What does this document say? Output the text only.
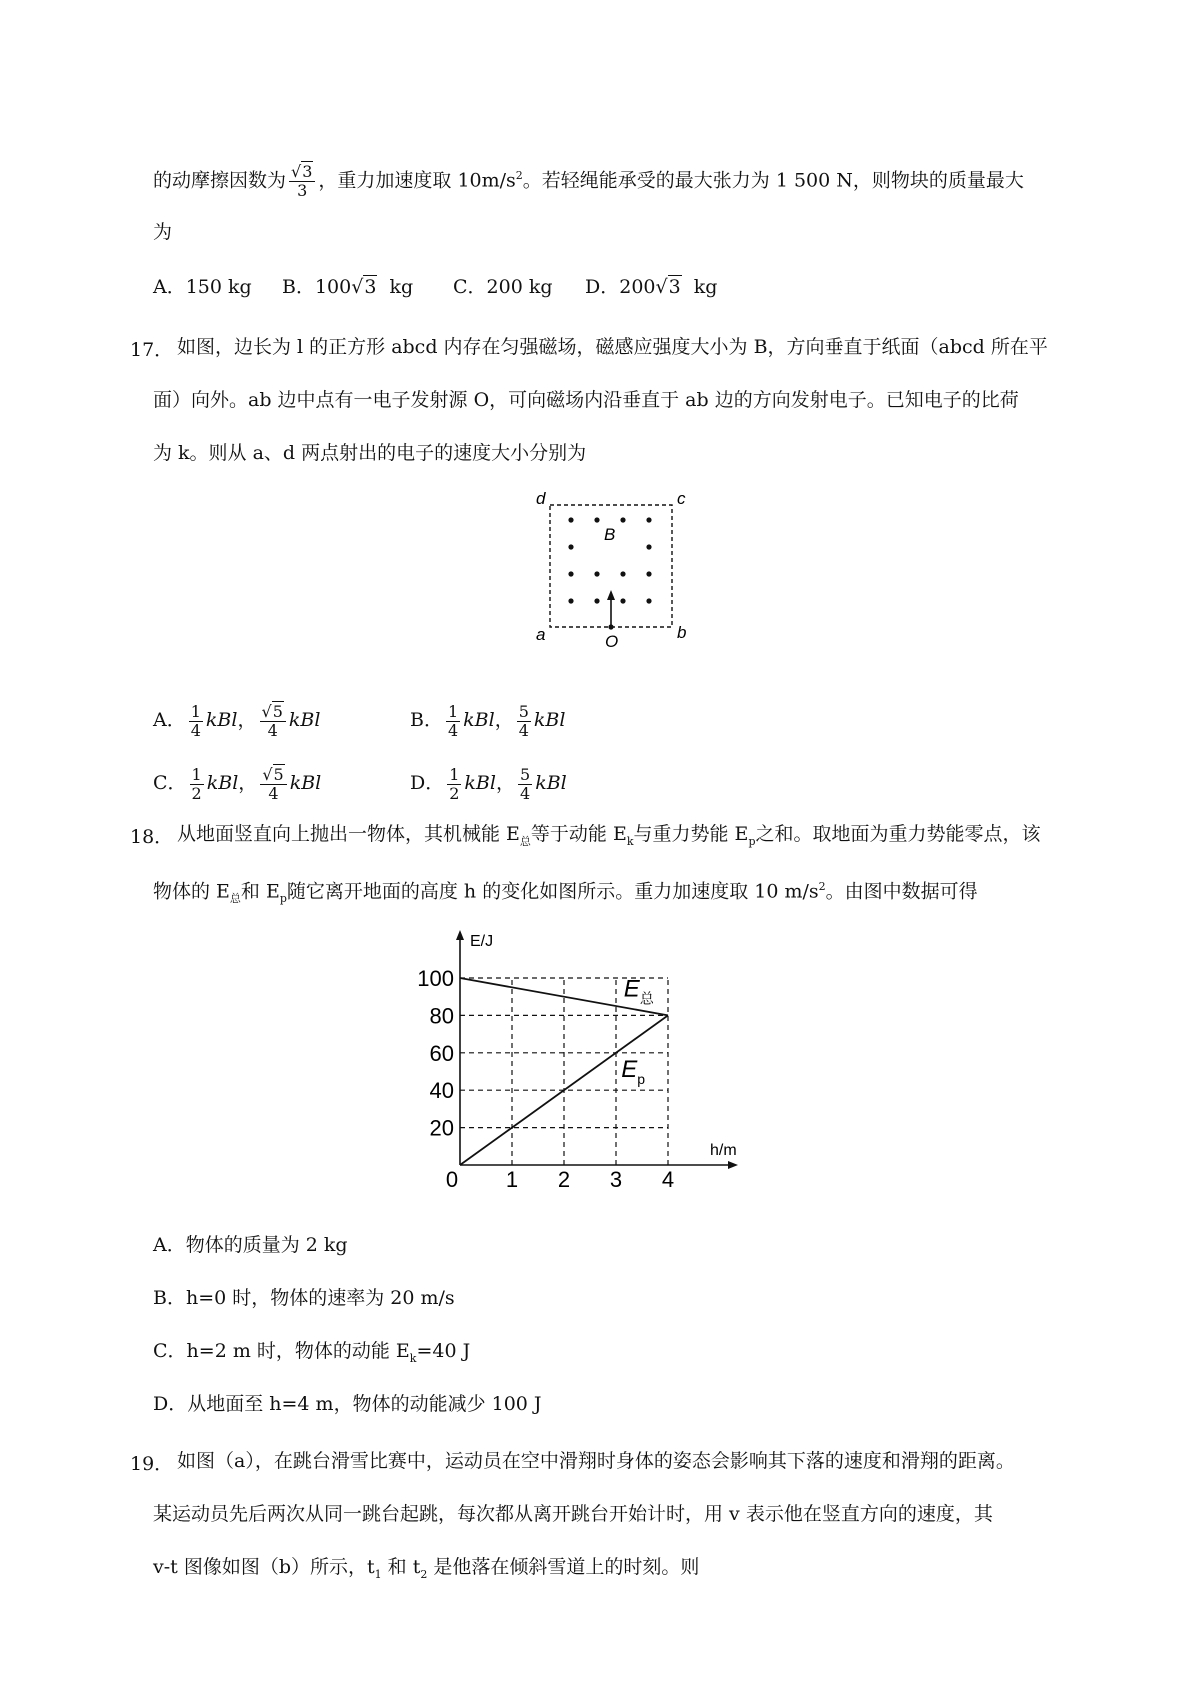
的动摩擦因数为 $\frac{√3}{3}$ ，重力加速度取 $10m/s^2$。若轻绳能承受的最大张力为 1 500 N，则物块的质量最大
为
A．150 kg B．100√3 kg C．200 kg D．200√3 kg
17． 如图，边长为 l 的正方形 abcd 内存在匀强磁场，磁感应强度大小为 B，方向垂直于纸面（abcd 所在平
面）向外。ab 边中点有一电子发射源 O，可向磁场内沿垂直于 ab 边的方向发射电子。已知电子的比荷
为 k。则从 a、d 两点射出的电子的速度大小分别为
d	c
a	b
B
O
A． $\frac{1}{4}$ kBl， $\frac{√5}{4}$ kBl	B． $\frac{1}{4}$ kBl， $\frac{5}{4}$ kBl
C． $\frac{1}{2}$ kBl， $\frac{√5}{4}$ kBl	D． $\frac{1}{2}$ kBl， $\frac{5}{4}$ kBl
18． 从地面竖直向上抛出一物体，其机械能 $E_总$等于动能 $E_k$与重力势能 $E_p$之和。取地面为重力势能零点，该
物体的 $E_总$和 $E_p$随它离开地面的高度 h 的变化如图所示。重力加速度取 10 $m/s^2$。由图中数据可得
0 1 2 3 4
20
40
60
80
100
E/J
h/m
$E_总$
$E_p$
A．物体的质量为 2 kg
B．h=0 时，物体的速率为 20 m/s
C．h=2 m 时，物体的动能 $E_k=40$ J
D．从地面至 h=4 m，物体的动能减少 100 J
19． 如图（a），在跳台滑雪比赛中，运动员在空中滑翔时身体的姿态会影响其下落的速度和滑翔的距离。
某运动员先后两次从同一跳台起跳，每次都从离开跳台开始计时，用 v 表示他在竖直方向的速度，其
v-t 图像如图（b）所示，$t_1$ 和 $t_2$ 是他落在倾斜雪道上的时刻。则
